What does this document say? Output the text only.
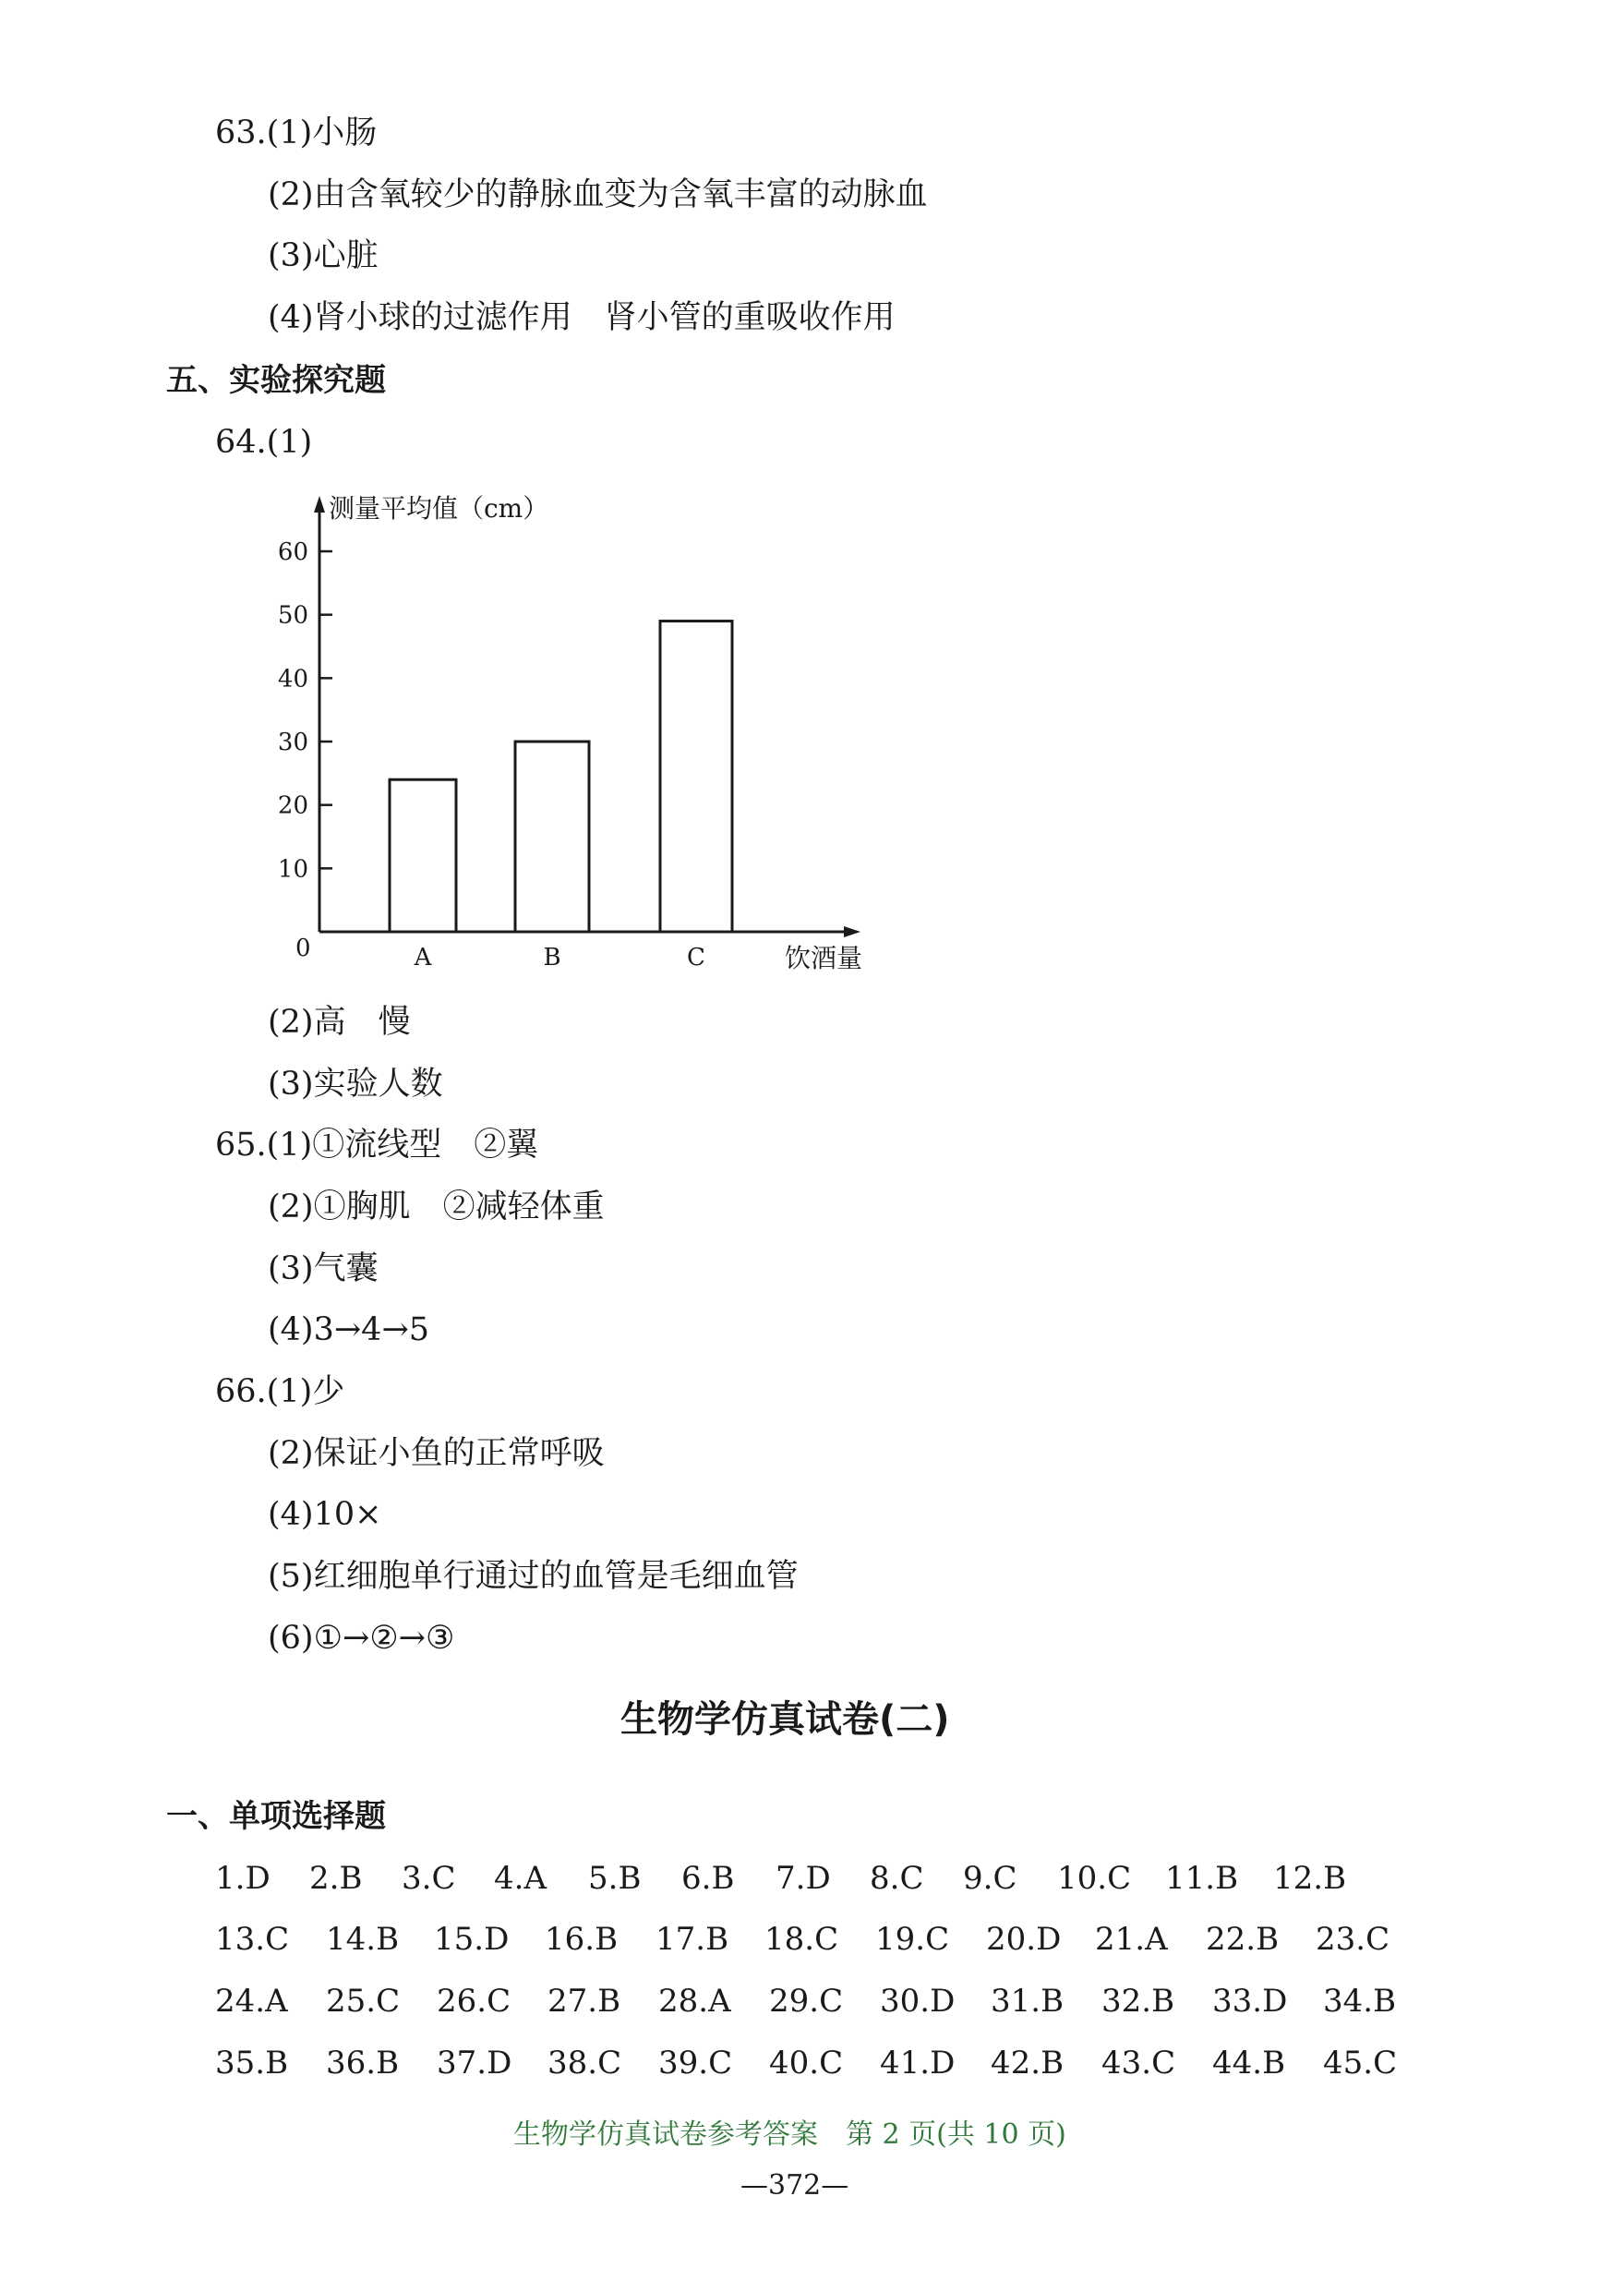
63.(1)小肠
(2)由含氧较少的静脉血变为含氧丰富的动脉血
(3)心脏
(4)肾小球的过滤作用　肾小管的重吸收作用
五、实验探究题
64.(1)
测量平均值（cm）
饮酒量
0
10
20
30
40
50
60
A	B	C
(2)高　慢
(3)实验人数
65.(1)①流线型　②翼
(2)①胸肌　②减轻体重
(3)气囊
(4)3→4→5
66.(1)少
(2)保证小鱼的正常呼吸
(4)10×
(5)红细胞单行通过的血管是毛细血管
(6)①→②→③
生物学仿真试卷(二)
一、单项选择题
1.D 2.B 3.C 4.A 5.B 6.B 7.D 8.C 9.C 10.C 11.B 12.B
13.C 14.B 15.D 16.B 17.B 18.C 19.C 20.D 21.A 22.B 23.C
24.A 25.C 26.C 27.B 28.A 29.C 30.D 31.B 32.B 33.D 34.B
35.B 36.B 37.D 38.C 39.C 40.C 41.D 42.B 43.C 44.B 45.C
生物学仿真试卷参考答案　第 2 页(共 10 页)
—372—
